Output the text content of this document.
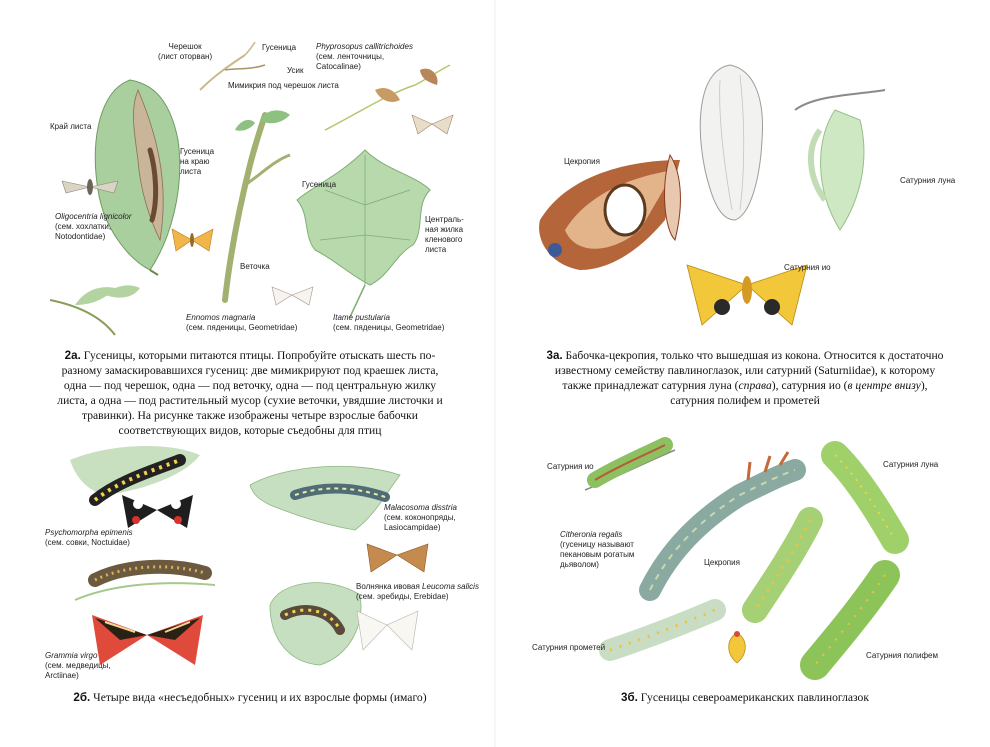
Черешок
(лист оторван)
Гусеница
Усик
Мимикрия под черешок листа
Phyprosopus callitrichoides
(сем. ленточницы,
Catocalinae)
Край листа
Гусеница
на краю
листа
Oligocentria lignicolor
(сем. хохлатки,
Notodontidae)
Гусеница
Централь-
ная жилка
кленового
листа
Веточка
Ennomos magnaria
(сем. пяденицы, Geometridae)
Itame pustularia
(сем. пяденицы, Geometridae)
2а. Гусеницы, которыми питаются птицы. Попробуйте отыскать шесть по-разному замаскировавшихся гусениц: две мимикрируют под краешек листа, одна — под черешок, одна — под веточку, одна — под центральную жилку листа, а одна — под растительный мусор (сухие веточки, увядшие листочки и травинки). На рисунке также изображены четыре взрослые бабочки соответствующих видов, которые съедобны для птиц
Psychomorpha epimenis
(сем. совки, Noctuidae)
Malacosoma disstria
(сем. коконопряды,
Lasiocampidae)
Волнянка ивовая Leucoma salicis
(сем. эребиды, Erebidae)
Grammia virgo
(сем. медведицы,
Arctiinae)
2б. Четыре вида «несъедобных» гусениц и их взрослые формы (имаго)
Цекропия
Сатурния луна
Сатурния ио
3а. Бабочка-цекропия, только что вышедшая из кокона. Относится к достаточно
известному семейству павлиноглазок, или сатурний (Saturniidae), к которому
также принадлежат сатурния луна (справа), сатурния ио (в центре внизу),
сатурния полифем и прометей
Сатурния ио	Сатурния луна
Citheronia regalis
(гусеницу называют
пекановым рогатым
дьяволом)	Цекропия
Сатурния прометей
Сатурния полифем
3б. Гусеницы североамериканских павлиноглазок
